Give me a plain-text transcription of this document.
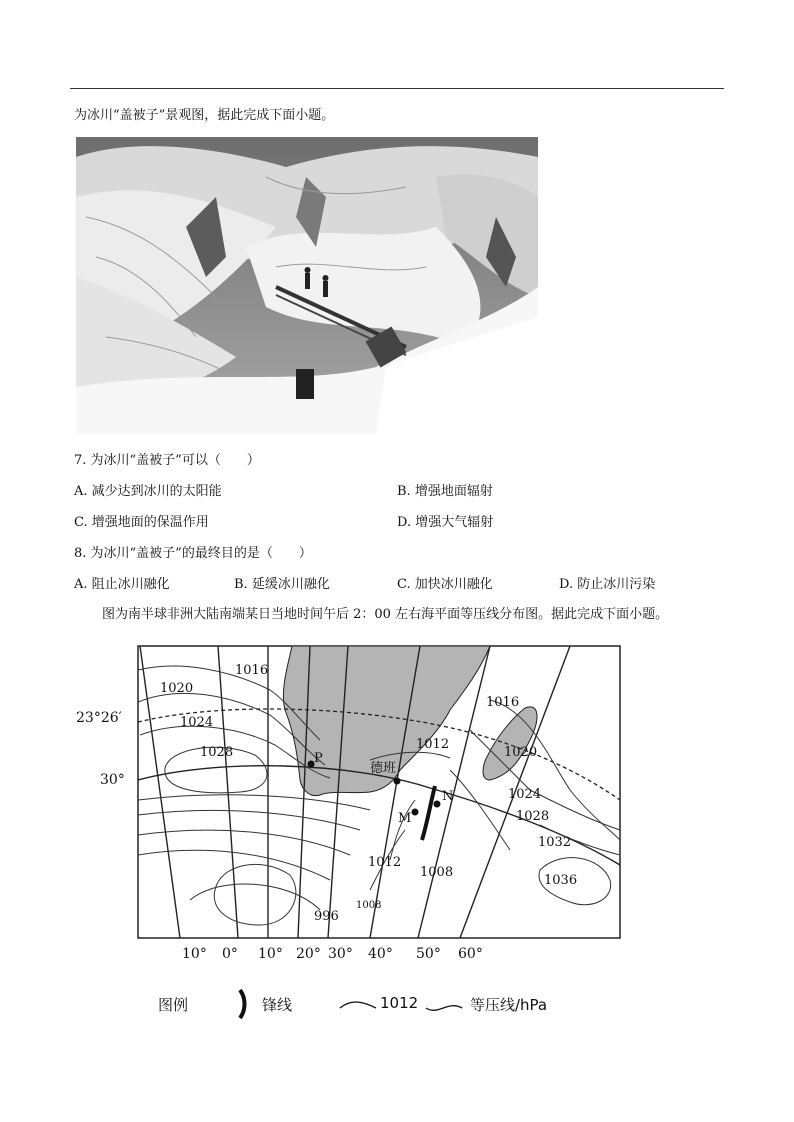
为冰川“盖被子”景观图，据此完成下面小题。
7. 为冰川“盖被子”可以（　　）
A. 减少达到冰川的太阳能	B. 增强地面辐射
C. 增强地面的保温作用	D. 增强大气辐射
8. 为冰川“盖被子”的最终目的是（　　）
A. 阻止冰川融化	B. 延缓冰川融化	C. 加快冰川融化	D. 防止冰川污染
图为南半球非洲大陆南端某日当地时间午后 2：00 左右海平面等压线分布图。据此完成下面小题。
23°26′
30°
10° 0° 10° 20° 30° 40° 50° 60°
1016
1020
1024
1028
1012
1016
1020
1024
1028
1032
1036
1012
1008
1008
996
P
德班
N
M
图例	锋线	1012	等压线/hPa
